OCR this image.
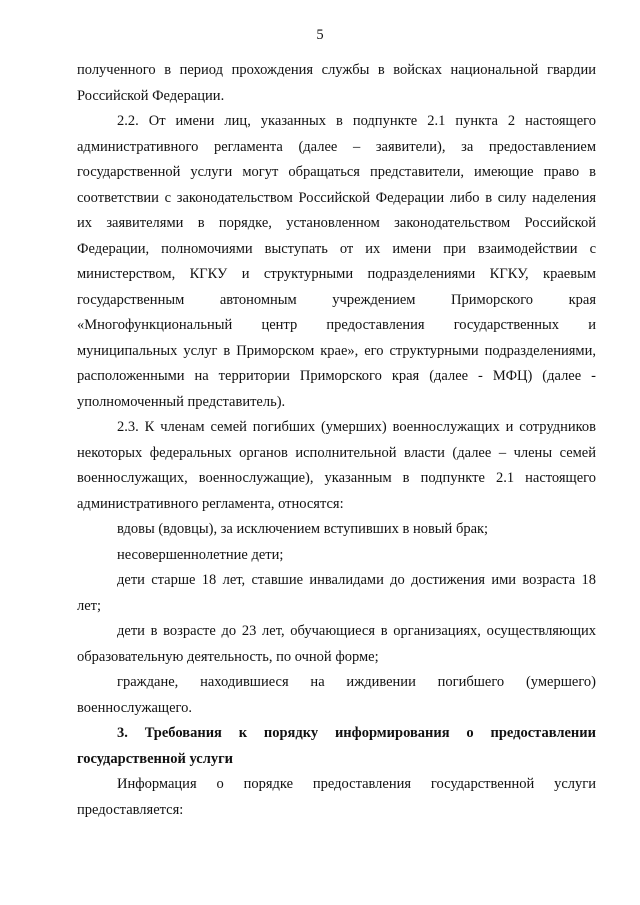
5

полученного в период прохождения службы в войсках национальной гвардии Российской Федерации.

2.2. От имени лиц, указанных в подпункте 2.1 пункта 2 настоящего административного регламента (далее – заявители), за предоставлением государственной услуги могут обращаться представители, имеющие право в соответствии с законодательством Российской Федерации либо в силу наделения их заявителями в порядке, установленном законодательством Российской Федерации, полномочиями выступать от их имени при взаимодействии с министерством, КГКУ и структурными подразделениями КГКУ, краевым государственным автономным учреждением Приморского края «Многофункциональный центр предоставления государственных и муниципальных услуг в Приморском крае», его структурными подразделениями, расположенными на территории Приморского края (далее - МФЦ) (далее - уполномоченный представитель).

2.3. К членам семей погибших (умерших) военнослужащих и сотрудников некоторых федеральных органов исполнительной власти (далее – члены семей военнослужащих, военнослужащие), указанным в подпункте 2.1 настоящего административного регламента, относятся:

вдовы (вдовцы), за исключением вступивших в новый брак;

несовершеннолетние дети;

дети старше 18 лет, ставшие инвалидами до достижения ими возраста 18 лет;

дети в возрасте до 23 лет, обучающиеся в организациях, осуществляющих образовательную деятельность, по очной форме;

граждане, находившиеся на иждивении погибшего (умершего) военнослужащего.

3. Требования к порядку информирования о предоставлении государственной услуги

Информация о порядке предоставления государственной услуги предоставляется:
